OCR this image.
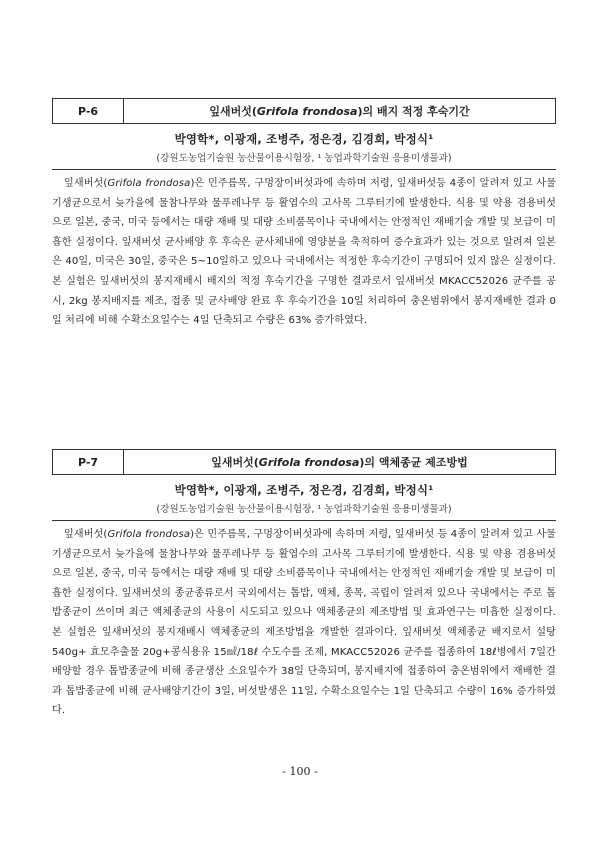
P-6	잎새버섯(Grifola frondosa)의 배지 적정 후숙기간
박영학*, 이광재, 조병주, 정은경, 김경희, 박정식¹
(강원도농업기술원 농산물이용시험장, ¹ 농업과학기술원 응용미생물과)
잎새버섯(Grifola frondosa)은 민주름목, 구멍장이버섯과에 속하며 저령, 잎새버섯등 4종이 알려져 있고 사물기생균으로서 늦가을에 물참나무와 물푸레나무 등 활엽수의 고사목 그루터기에 발생한다. 식용 및 약용 겸용버섯으로 일본, 중국, 미국 등에서는 대량 재배 및 대량 소비품목이나 국내에서는 안정적인 재배기술 개발 및 보급이 미흡한 실정이다. 잎새버섯 균사배양 후 후숙은 균사체내에 영양분을 축적하여 증수효과가 있는 것으로 알려져 일본은 40일, 미국은 30일, 중국은 5~10일하고 있으나 국내에서는 적정한 후숙기간이 구명되어 있지 않은 실정이다. 본 실험은 잎새버섯의 봉지재배시 배지의 적정 후숙기간을 구명한 결과로서 잎새버섯 MKACC52026 균주를 공시, 2kg 봉지배지를 제조, 접종 및 균사배양 완료 후 후숙기간을 10일 처리하여 충온범위에서 봉지재배한 결과 0일 처리에 비해 수확소요일수는 4일 단축되고 수량은 63% 증가하였다.
P-7	잎새버섯(Grifola frondosa)의 액체종균 제조방법
박영학*, 이광재, 조병주, 정은경, 김경희, 박정식¹
(강원도농업기술원 농산물이용시험장, ¹ 농업과학기술원 응용미생물과)
잎새버섯(Grifola frondosa)은 민주름목, 구멍장이버섯과에 속하며 저령, 잎새버섯 등 4종이 알려져 있고 사물기생균으로서 늦가을에 물참나무와 물푸레나무 등 활엽수의 고사목 그루터기에 발생한다. 식용 및 약용 겸용버섯으로 일본, 중국, 미국 등에서는 대량 재배 및 대량 소비품목이나 국내에서는 안정적인 재배기술 개발 및 보급이 미흡한 실정이다. 잎새버섯의 종균종류로서 국외에서는 톱밥, 액체, 종목, 곡립이 알려져 있으나 국내에서는 주로 톱밥종균이 쓰이며 최근 액체종균의 사용이 시도되고 있으나 액체종균의 제조방법 및 효과연구는 미흡한 실정이다. 본 실험은 잎새버섯의 봉지재배시 액체종균의 제조방법을 개발한 결과이다. 잎새버섯 액체종균 배지로서 설탕 540g+ 효모추출물 20g+콩식용유 15㎖/18ℓ 수도수를 조제, MKACC52026 균주를 접종하여 18ℓ병에서 7일간 배양할 경우 톱밥종균에 비해 종균생산 소요일수가 38일 단축되며, 봉지배지에 접종하여 충온범위에서 재배한 결과 톱밥종균에 비해 균사배양기간이 3일, 버섯발생은 11일, 수확소요일수는 1일 단축되고 수량이 16% 증가하였다.
- 100 -
